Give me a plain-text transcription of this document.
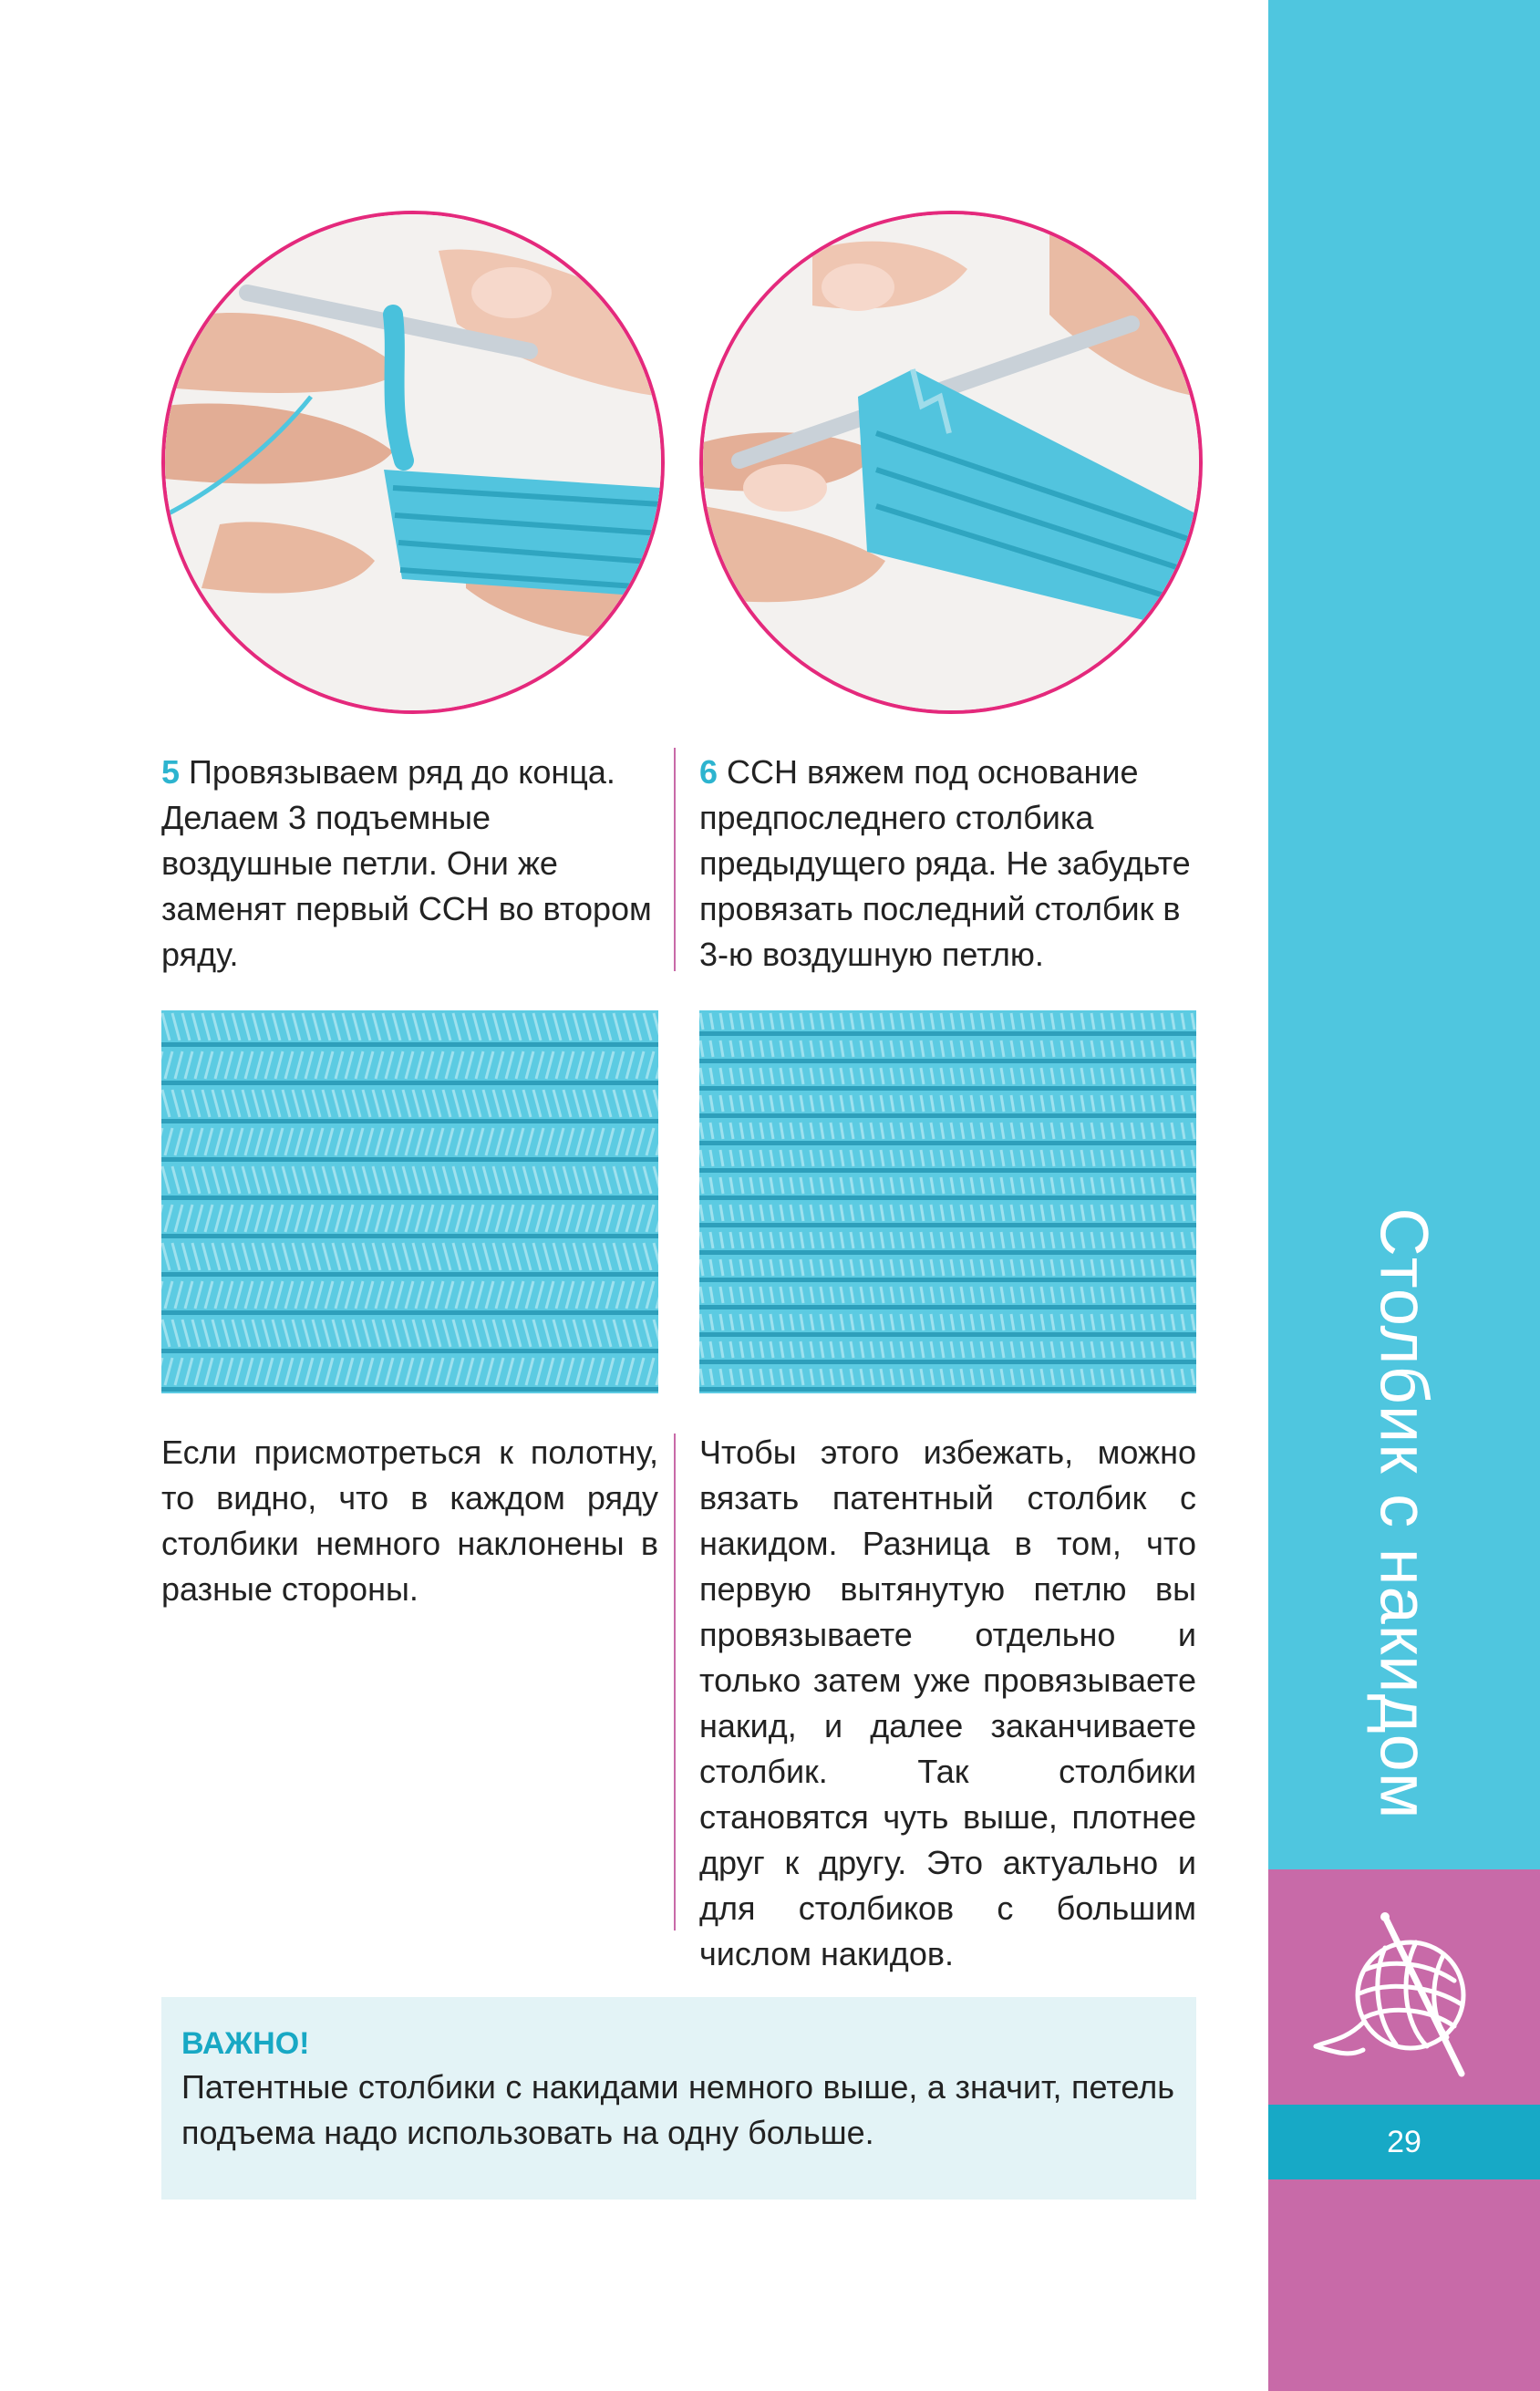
Столбик с накидом
29
5 Провязываем ряд до конца. Делаем 3 подъемные воздушные петли. Они же заменят первый ССН во втором ряду.
6 ССН вяжем под основание предпоследнего столбика предыдущего ряда. Не забудьте провязать последний столбик в 3-ю воздушную петлю.
Если присмотреться к полотну, то видно, что в каждом ряду столбики немного наклонены в разные стороны.
Чтобы этого избежать, можно вязать патентный столбик с накидом. Разница в том, что первую вытянутую петлю вы провязываете отдельно и только затем уже провязываете накид, и далее заканчиваете столбик. Так столбики становятся чуть выше, плотнее друг к другу. Это актуально и для столбиков с большим числом накидов.
ВАЖНО!
Патентные столбики с накидами немного выше, а значит, петель подъема надо использовать на одну больше.
